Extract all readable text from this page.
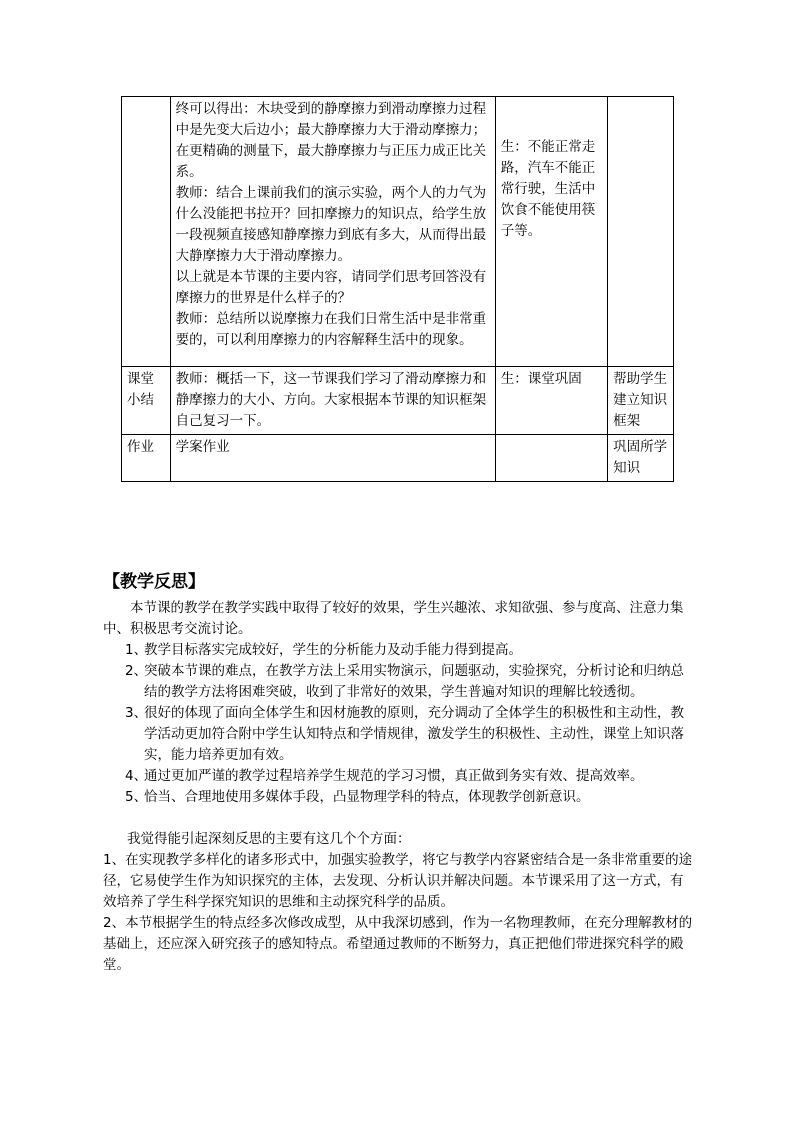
	终可以得出：木块受到的静摩擦力到滑动摩擦力过程中是先变大后边小；最大静摩擦力大于滑动摩擦力；在更精确的测量下，最大静摩擦力与正压力成正比关系。

教师：结合上课前我们的演示实验，两个人的力气为什么没能把书拉开？回扣摩擦力的知识点，给学生放一段视频直接感知静摩擦力到底有多大，从而得出最大静摩擦力大于滑动摩擦力。

以上就是本节课的主要内容，请同学们思考回答没有摩擦力的世界是什么样子的？

教师：总结所以说摩擦力在我们日常生活中是非常重要的，可以利用摩擦力的内容解释生活中的现象。	生：不能正常走路，汽车不能正常行驶，生活中饮食不能使用筷子等。	
课堂小结	教师：概括一下，这一节课我们学习了滑动摩擦力和静摩擦力的大小、方向。大家根据本节课的知识框架自己复习一下。	生：课堂巩固	帮助学生建立知识框架
作业	学案作业		巩固所学知识
【教学反思】

本节课的教学在教学实践中取得了较好的效果，学生兴趣浓、求知欲强、参与度高、注意力集中、积极思考交流讨论。

1、教学目标落实完成较好，学生的分析能力及动手能力得到提高。
2、突破本节课的难点，在教学方法上采用实物演示，问题驱动，实验探究，分析讨论和归纳总结的教学方法将困难突破，收到了非常好的效果，学生普遍对知识的理解比较透彻。
3、很好的体现了面向全体学生和因材施教的原则，充分调动了全体学生的积极性和主动性，教学活动更加符合附中学生认知特点和学情规律，激发学生的积极性、主动性，课堂上知识落实，能力培养更加有效。
4、通过更加严谨的教学过程培养学生规范的学习习惯，真正做到务实有效、提高效率。
5、恰当、合理地使用多媒体手段，凸显物理学科的特点，体现教学创新意识。

我觉得能引起深刻反思的主要有这几个个方面：

1、在实现教学多样化的诸多形式中，加强实验教学，将它与教学内容紧密结合是一条非常重要的途径，它易使学生作为知识探究的主体，去发现、分析认识并解决问题。本节课采用了这一方式，有效培养了学生科学探究知识的思维和主动探究科学的品质。

2、本节根据学生的特点经多次修改成型，从中我深切感到，作为一名物理教师，在充分理解教材的基础上，还应深入研究孩子的感知特点。希望通过教师的不断努力，真正把他们带进探究科学的殿堂。
